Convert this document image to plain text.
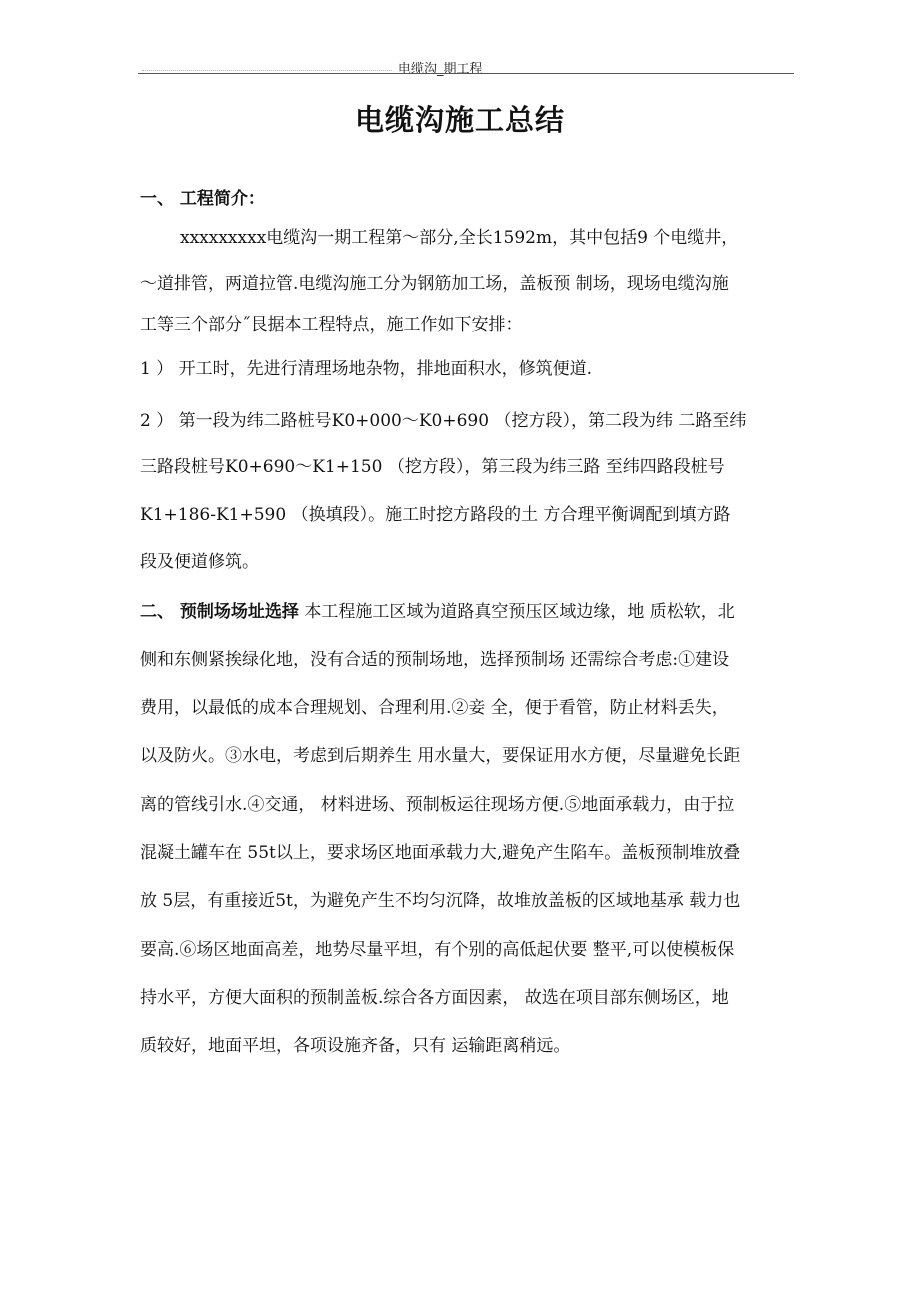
电缆沟_期工程
电缆沟施工总结
一、 工程简介：
xxxxxxxxx电缆沟一期工程第～部分,全长1592m，其中包括9 个电缆井，
～道排管，两道拉管.电缆沟施工分为钢筋加工场，盖板预 制场，现场电缆沟施
工等三个部分˝艮据本工程特点，施工作如下安排：
1 ） 开工时，先进行清理场地杂物，排地面积水，修筑便道.
2 ） 第一段为纬二路桩号K0+000～K0+690 （挖方段），第二段为纬 二路至纬
三路段桩号K0+690～K1+150 （挖方段），第三段为纬三路 至纬四路段桩号
K1+186-K1+590 （换填段）。施工时挖方路段的土 方合理平衡调配到填方路
段及便道修筑。
二、 预制场场址选择 本工程施工区域为道路真空预压区域边缘，地 质松软，北
侧和东侧紧挨绿化地，没有合适的预制场地，选择预制场 还需综合考虑:①建设
费用，以最低的成本合理规划、合理利用.②妾 全，便于看管，防止材料丢失，
以及防火。③水电，考虑到后期养生 用水量大，要保证用水方便，尽量避免长距
离的管线引水.④交通， 材料进场、预制板运往现场方便.⑤地面承载力，由于拉
混凝土罐车在 55t以上，要求场区地面承载力大,避免产生陷车。盖板预制堆放叠
放 5层，有重接近5t，为避免产生不均匀沉降，故堆放盖板的区域地基承 载力也
要高.⑥场区地面高差，地势尽量平坦，有个别的高低起伏要 整平,可以使模板保
持水平，方便大面积的预制盖板.综合各方面因素， 故选在项目部东侧场区，地
质较好，地面平坦，各项设施齐备，只有 运输距离稍远。
